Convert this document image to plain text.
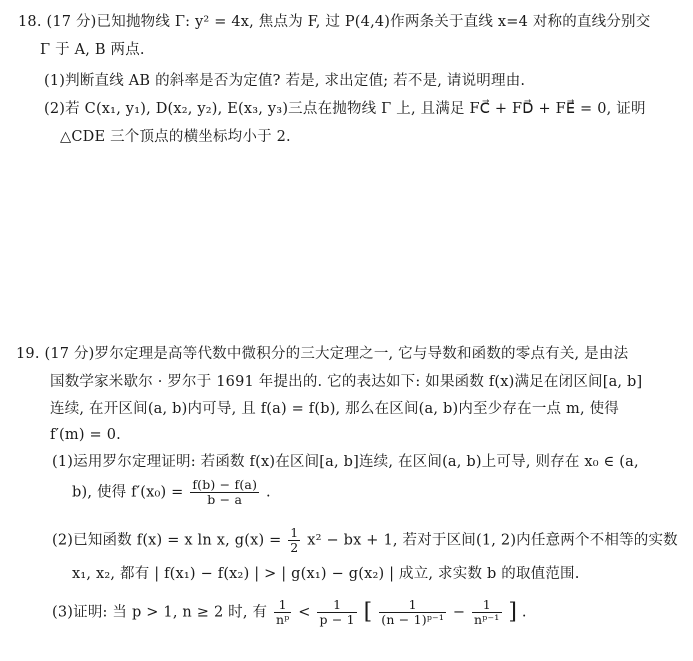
18. (17 分)已知抛物线 Γ: y² = 4x, 焦点为 F, 过 P(4,4)作两条关于直线 x=4 对称的直线分别交
Γ 于 A, B 两点.
(1)判断直线 AB 的斜率是否为定值? 若是, 求出定值; 若不是, 请说明理由.
(2)若 C(x₁, y₁), D(x₂, y₂), E(x₃, y₃)三点在抛物线 Γ 上, 且满足 FC⃗ + FD⃗ + FE⃗ = 0, 证明
△CDE 三个顶点的横坐标均小于 2.
19. (17 分)罗尔定理是高等代数中微积分的三大定理之一, 它与导数和函数的零点有关, 是由法
国数学家米歇尔 · 罗尔于 1691 年提出的. 它的表达如下: 如果函数 f(x)满足在闭区间[a, b]
连续, 在开区间(a, b)内可导, 且 f(a) = f(b), 那么在区间(a, b)内至少存在一点 m, 使得
f′(m) = 0.
(1)运用罗尔定理证明: 若函数 f(x)在区间[a, b]连续, 在区间(a, b)上可导, 则存在 x₀ ∈ (a,
b), 使得 $f'(x_0) = \frac{f(b) - f(a)}{b - a}$ .
(2)已知函数 f(x) = x ln x, $g(x) = \frac{1}{2} x^2$ − bx + 1, 若对于区间(1, 2)内任意两个不相等的实数
x₁, x₂, 都有 | f(x₁) − f(x₂) | > | g(x₁) − g(x₂) | 成立, 求实数 b 的取值范围.
(3)证明: 当 p > 1, n ≥ 2 时, 有 $\frac{1}{\text{nᵖ}} < \frac{1}{p - 1}$ [ $\frac{1}{\text{(n − 1)ᵖ⁻¹}} - \frac{1}{\text{nᵖ⁻¹}}$ ] .
